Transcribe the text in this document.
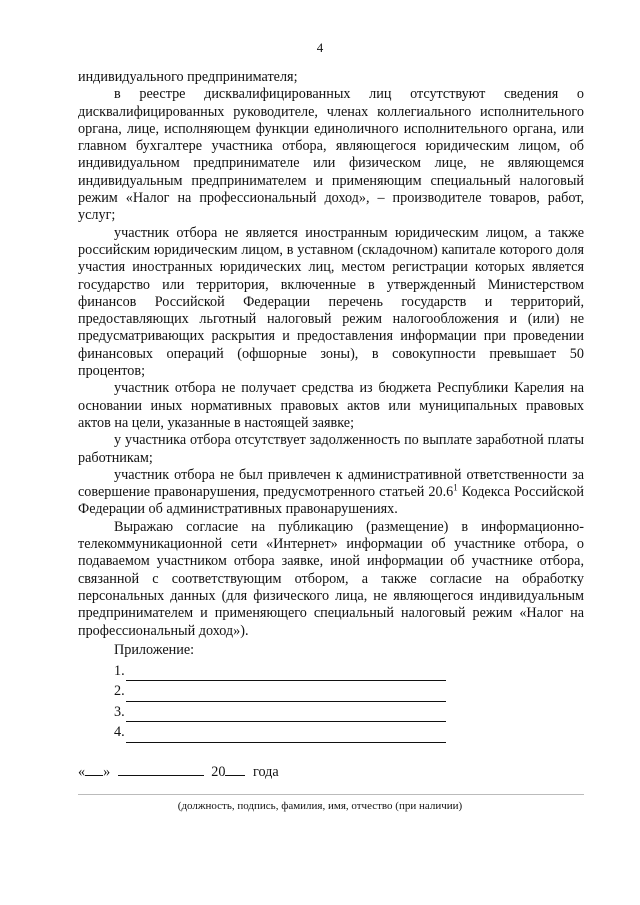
4

индивидуального предпринимателя;

в реестре дисквалифицированных лиц отсутствуют сведения о дисквалифицированных руководителе, членах коллегиального исполнительного органа, лице, исполняющем функции единоличного исполнительного органа, или главном бухгалтере участника отбора, являющегося юридическим лицом, об индивидуальном предпринимателе или физическом лице, не являющемся индивидуальным предпринимателем и применяющим специальный налоговый режим «Налог на профессиональный доход», – производителе товаров, работ, услуг;

участник отбора не является иностранным юридическим лицом, а также российским юридическим лицом, в уставном (складочном) капитале которого доля участия иностранных юридических лиц, местом регистрации которых является государство или территория, включенные в утвержденный Министерством финансов Российской Федерации перечень государств и территорий, предоставляющих льготный налоговый режим налогообложения и (или) не предусматривающих раскрытия и предоставления информации при проведении финансовых операций (офшорные зоны), в совокупности превышает 50 процентов;

участник отбора не получает средства из бюджета Республики Карелия на основании иных нормативных правовых актов или муниципальных правовых актов на цели, указанные в настоящей заявке;

у участника отбора отсутствует задолженность по выплате заработной платы работникам;

участник отбора не был привлечен к административной ответственности за совершение правонарушения, предусмотренного статьей 20.6$^1$ Кодекса Российской Федерации об административных правонарушениях.

Выражаю согласие на публикацию (размещение) в информационно-телекоммуникационной сети «Интернет» информации об участнике отбора, о подаваемом участником отбора заявке, иной информации об участнике отбора, связанной с соответствующим отбором, а также согласие на обработку персональных данных (для физического лица, не являющегося индивидуальным предпринимателем и применяющего специальный налоговый режим «Налог на профессиональный доход»).

Приложение:
1.
2.
3.
4.
« »	20 года
(должность, подпись, фамилия, имя, отчество (при наличии)
